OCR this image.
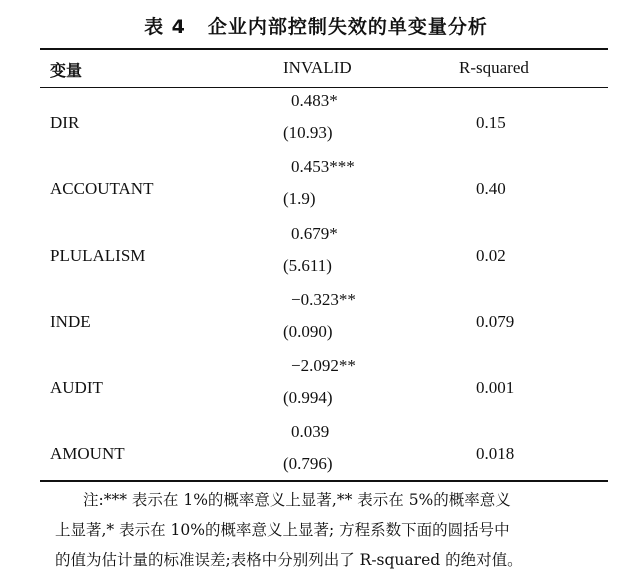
表 4 企业内部控制失效的单变量分析
变量	INVALID	R-squared
DIR
0.483*
(10.93)
0.15
ACCOUTANT
0.453***
(1.9)
0.40
PLULALISM
0.679*
(5.611)
0.02
INDE
−0.323**
(0.090)
0.079
AUDIT
−2.092**
(0.994)
0.001
AMOUNT
0.039
(0.796)
0.018
注:*** 表示在 1%的概率意义上显著,** 表示在 5%的概率意义
上显著,* 表示在 10%的概率意义上显著; 方程系数下面的圆括号中
的值为估计量的标准误差;表格中分别列出了 R-squared 的绝对值。
